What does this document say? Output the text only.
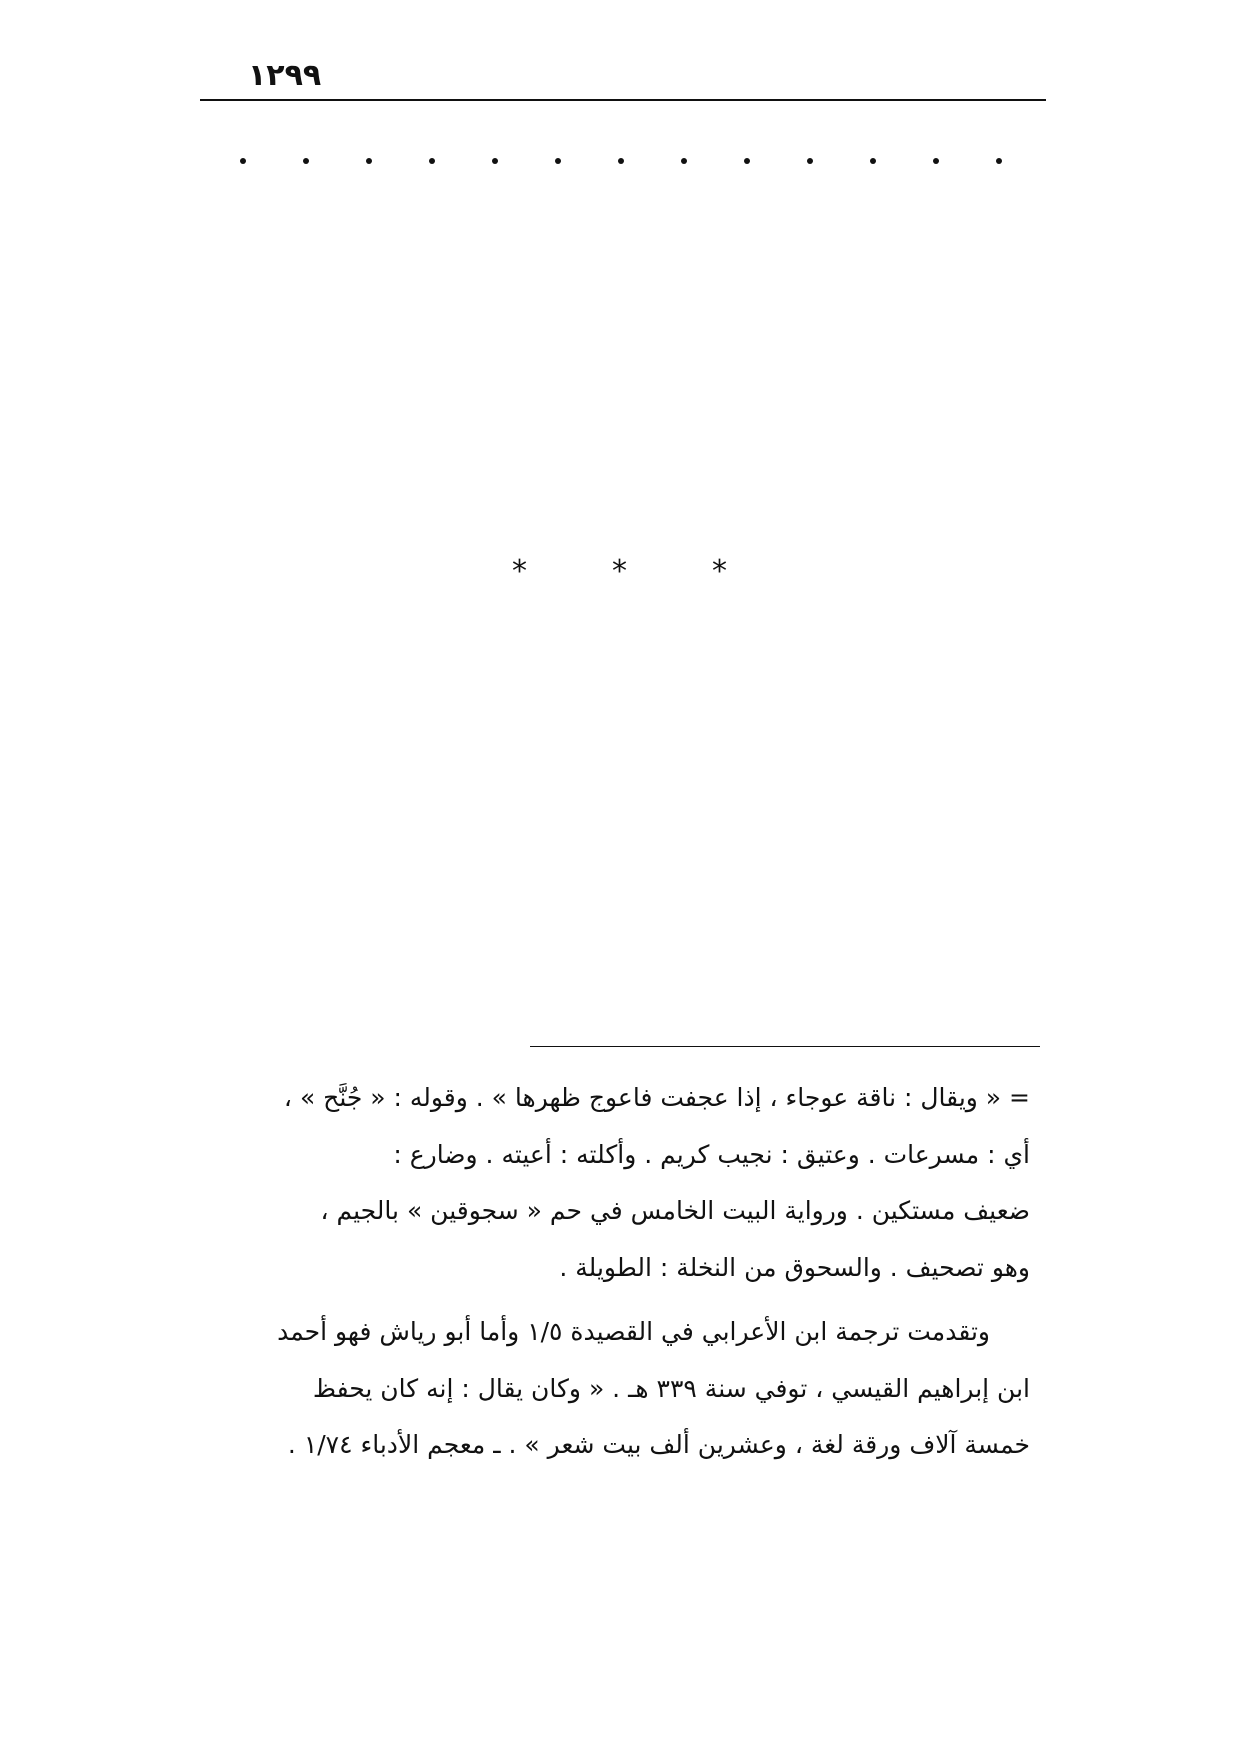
١٢٩٩
*	*	*
= « ويقال : ناقة عوجاء ، إذا عجفت فاعوج ظهرها » . وقوله : « جُنَّح » ،
أي : مسرعات . وعتيق : نجيب كريم . وأكلته : أعيته . وضارع :
ضعيف مستكين . ورواية البيت الخامس في حم « سجوقين » بالجيم ،
وهو تصحيف . والسحوق من النخلة : الطويلة .
وتقدمت ترجمة ابن الأعرابي في القصيدة ١/٥ وأما أبو رياش فهو أحمد
ابن إبراهيم القيسي ، توفي سنة ٣٣٩ هـ . « وكان يقال : إنه كان يحفظ
خمسة آلاف ورقة لغة ، وعشرين ألف بيت شعر » . ـ معجم الأدباء ١/٧٤ .
